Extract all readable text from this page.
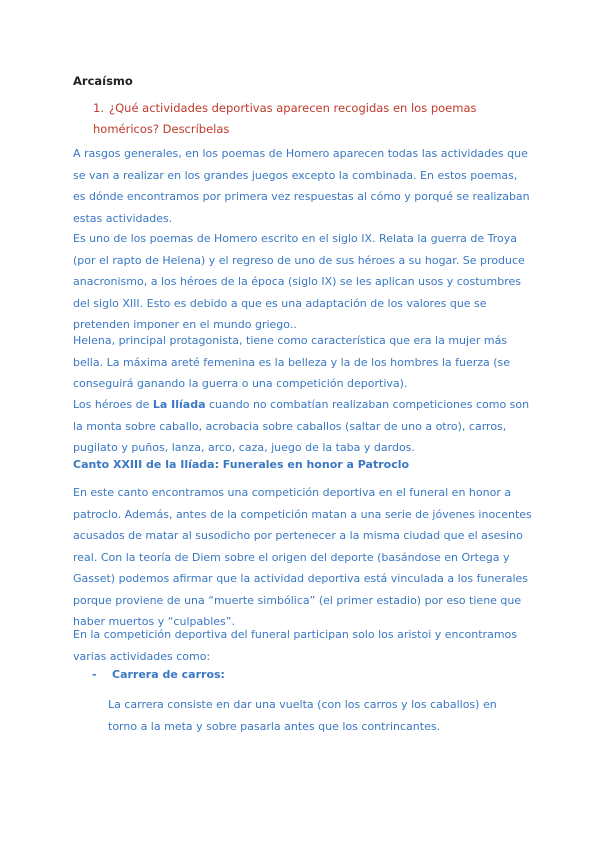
Arcaísmo

1. ¿Qué actividades deportivas aparecen recogidas en los poemas homéricos? Descríbelas

A rasgos generales, en los poemas de Homero aparecen todas las actividades que se van a realizar en los grandes juegos excepto la combinada. En estos poemas, es dónde encontramos por primera vez respuestas al cómo y porqué se realizaban estas actividades.

Es uno de los poemas de Homero escrito en el siglo IX. Relata la guerra de Troya (por el rapto de Helena) y el regreso de uno de sus héroes a su hogar. Se produce anacronismo, a los héroes de la época (siglo IX) se les aplican usos y costumbres del siglo XIII. Esto es debido a que es una adaptación de los valores que se pretenden imponer en el mundo griego..

Helena, principal protagonista, tiene como característica que era la mujer más bella. La máxima areté femenina es la belleza y la de los hombres la fuerza (se conseguirá ganando la guerra o una competición deportiva).

Los héroes de La Ilíada cuando no combatían realizaban competiciones como son la monta sobre caballo, acrobacia sobre caballos (saltar de uno a otro), carros, pugilato y puños, lanza, arco, caza, juego de la taba y dardos.

Canto XXIII de la Ilíada: Funerales en honor a Patroclo

En este canto encontramos una competición deportiva en el funeral en honor a patroclo. Además, antes de la competición matan a una serie de jóvenes inocentes acusados de matar al susodicho por pertenecer a la misma ciudad que el asesino real. Con la teoría de Diem sobre el origen del deporte (basándose en Ortega y Gasset) podemos afirmar que la actividad deportiva está vinculada a los funerales porque proviene de una “muerte simbólica” (el primer estadio) por eso tiene que haber muertos y “culpables”.

En la competición deportiva del funeral participan solo los aristoi y encontramos varias actividades como:

- Carrera de carros:

La carrera consiste en dar una vuelta (con los carros y los caballos) en torno a la meta y sobre pasarla antes que los contrincantes.
